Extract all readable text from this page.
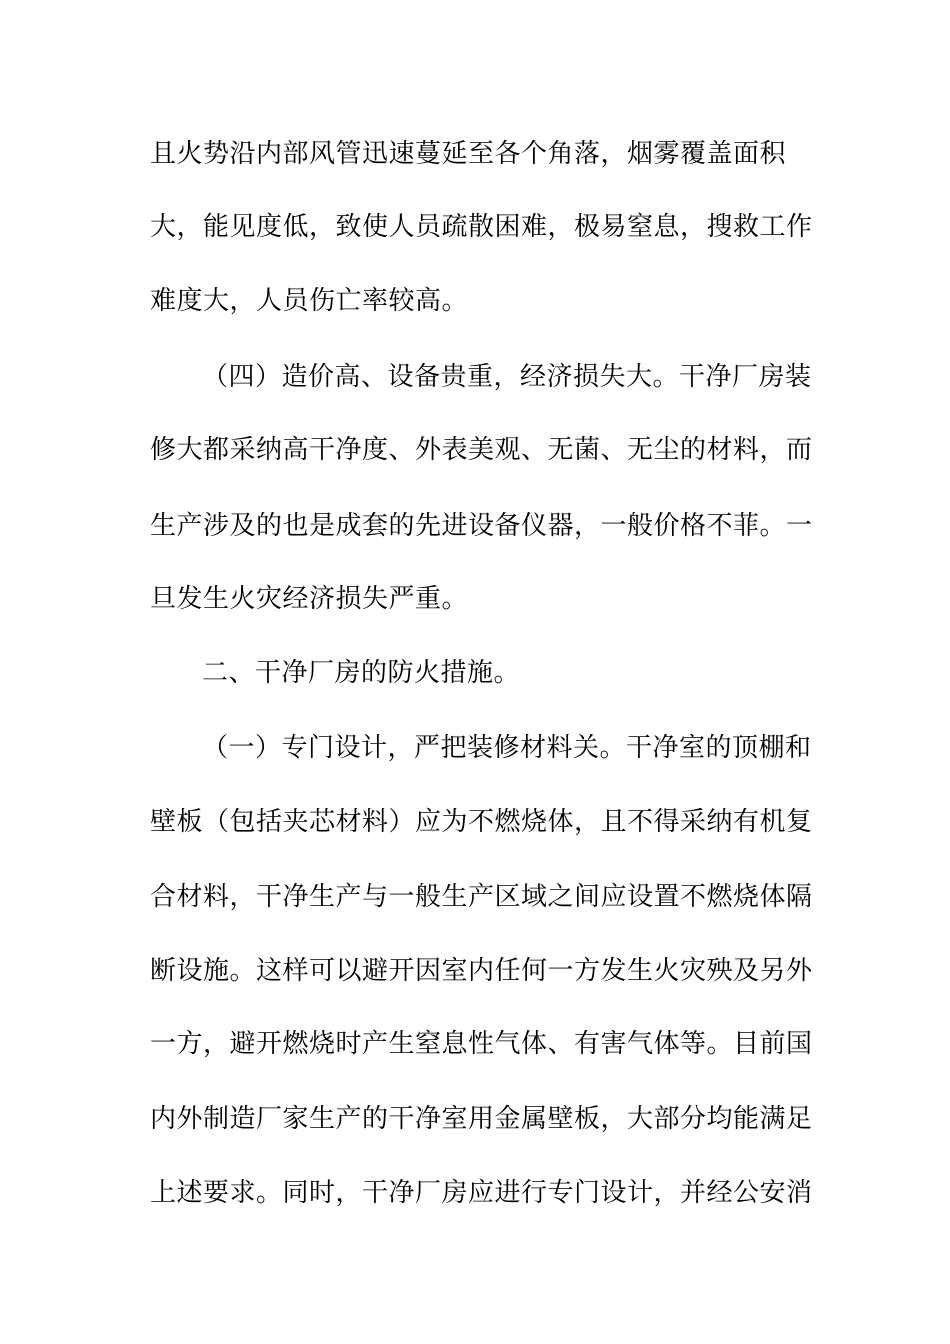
且火势沿内部风管迅速蔓延至各个角落，烟雾覆盖面积
大，能见度低，致使人员疏散困难，极易窒息，搜救工作
难度大，人员伤亡率较高。
（四）造价高、设备贵重，经济损失大。干净厂房装
修大都采纳高干净度、外表美观、无菌、无尘的材料，而
生产涉及的也是成套的先进设备仪器，一般价格不菲。一
旦发生火灾经济损失严重。
二、干净厂房的防火措施。
（一）专门设计，严把装修材料关。干净室的顶棚和
壁板（包括夹芯材料）应为不燃烧体，且不得采纳有机复
合材料，干净生产与一般生产区域之间应设置不燃烧体隔
断设施。这样可以避开因室内任何一方发生火灾殃及另外
一方，避开燃烧时产生窒息性气体、有害气体等。目前国
内外制造厂家生产的干净室用金属壁板，大部分均能满足
上述要求。同时，干净厂房应进行专门设计，并经公安消
